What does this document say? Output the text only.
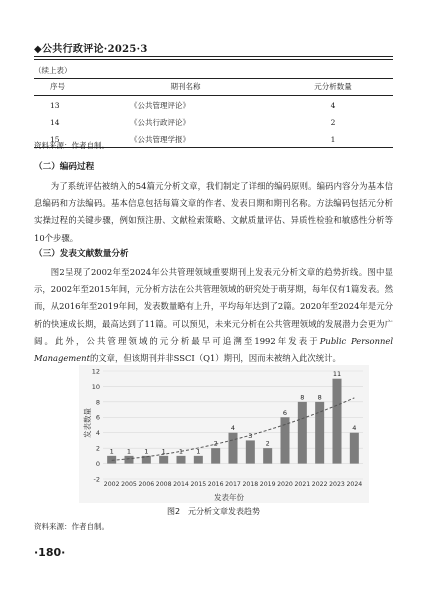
◆公共行政评论·2025·3
（续上表）
序号	期刊名称	元分析数量
13	《公共管理评论》	4
14	《公共行政评论》	2
15	《公共管理学报》	1
资料来源：作者自制。
（二）编码过程

为了系统评估被纳入的54篇元分析文章，我们制定了详细的编码原则。编码内容分为基本信息编码和方法编码。基本信息包括每篇文章的作者、发表日期和期刊名称。方法编码包括元分析实操过程的关键步骤，例如预注册、文献检索策略、文献质量评估、异质性检验和敏感性分析等10个步骤。

（三）发表文献数量分析

图2呈现了2002年至2024年公共管理领域重要期刊上发表元分析文章的趋势折线。图中显示，2002年至2015年间，元分析方法在公共管理领域的研究处于萌芽期，每年仅有1篇发表。然而，从2016年至2019年间，发表数量略有上升，平均每年达到了2篇。2020年至2024年是元分析的快速成长期，最高达到了11篇。可以预见，未来元分析在公共管理领域的发展潜力会更为广阔。此外，公共管理领域的元分析最早可追溯至1992年发表于Public Personnel Management的文章，但该期刊并非SSCI（Q1）期刊，因而未被纳入此次统计。

1 1 1 1 1 1
2
4
3
2
6
8 8
11
4
-2
0
2
4
6
8
10
12
2002 2005 2006 2008 2014 2015 2016 2017 2018 2019 2020 2021 2022 2023 2024
发表数量
发表年份
图2　元分析文章发表趋势
资料来源：作者自制。
·180·
